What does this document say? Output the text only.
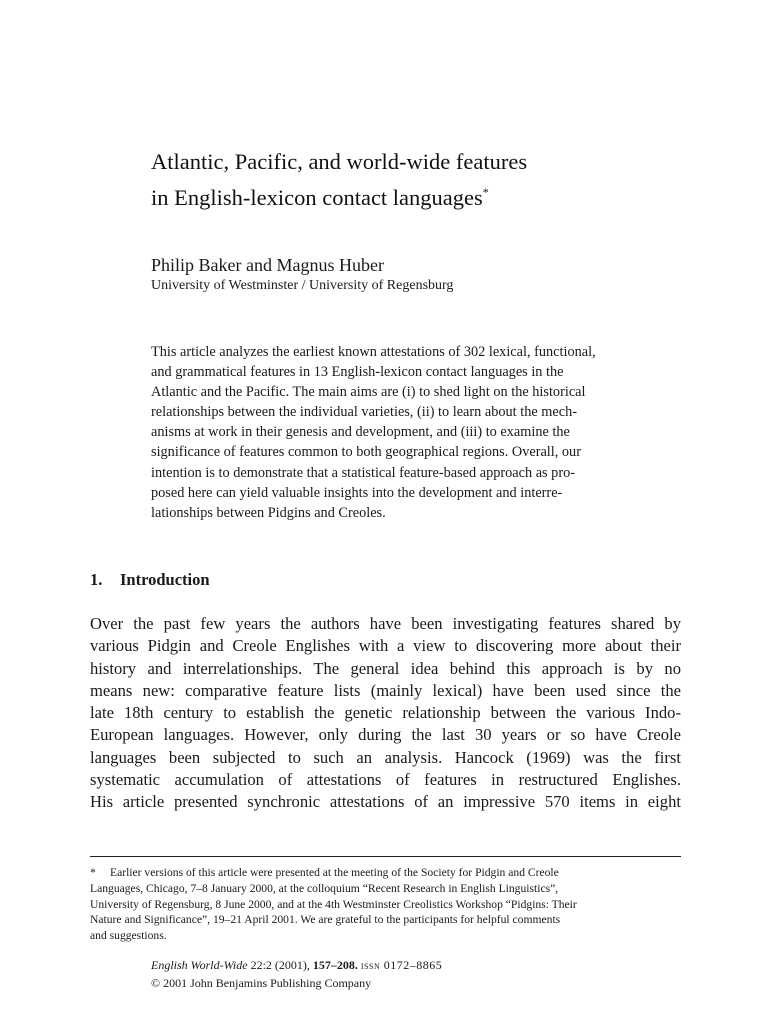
Atlantic, Pacific, and world-wide features
in English-lexicon contact languages*

Philip Baker and Magnus Huber

University of Westminster / University of Regensburg

This article analyzes the earliest known attestations of 302 lexical, functional,
and grammatical features in 13 English-lexicon contact languages in the
Atlantic and the Pacific. The main aims are (i) to shed light on the historical
relationships between the individual varieties, (ii) to learn about the mech-
anisms at work in their genesis and development, and (iii) to examine the
significance of features common to both geographical regions. Overall, our
intention is to demonstrate that a statistical feature-based approach as pro-
posed here can yield valuable insights into the development and interre-
lationships between Pidgins and Creoles.
1. Introduction
Over the past few years the authors have been investigating features shared by
various Pidgin and Creole Englishes with a view to discovering more about their
history and interrelationships. The general idea behind this approach is by no
means new: comparative feature lists (mainly lexical) have been used since the
late 18th century to establish the genetic relationship between the various Indo-
European languages. However, only during the last 30 years or so have Creole
languages been subjected to such an analysis. Hancock (1969) was the first
systematic accumulation of attestations of features in restructured Englishes.
His article presented synchronic attestations of an impressive 570 items in eight
* Earlier versions of this article were presented at the meeting of the Society for Pidgin and Creole
Languages, Chicago, 7–8 January 2000, at the colloquium “Recent Research in English Linguistics”,
University of Regensburg, 8 June 2000, and at the 4th Westminster Creolistics Workshop “Pidgins: Their
Nature and Significance”, 19–21 April 2001. We are grateful to the participants for helpful comments
and suggestions.

English World-Wide 22:2 (2001), 157–208. issn 0172–8865

© 2001 John Benjamins Publishing Company
